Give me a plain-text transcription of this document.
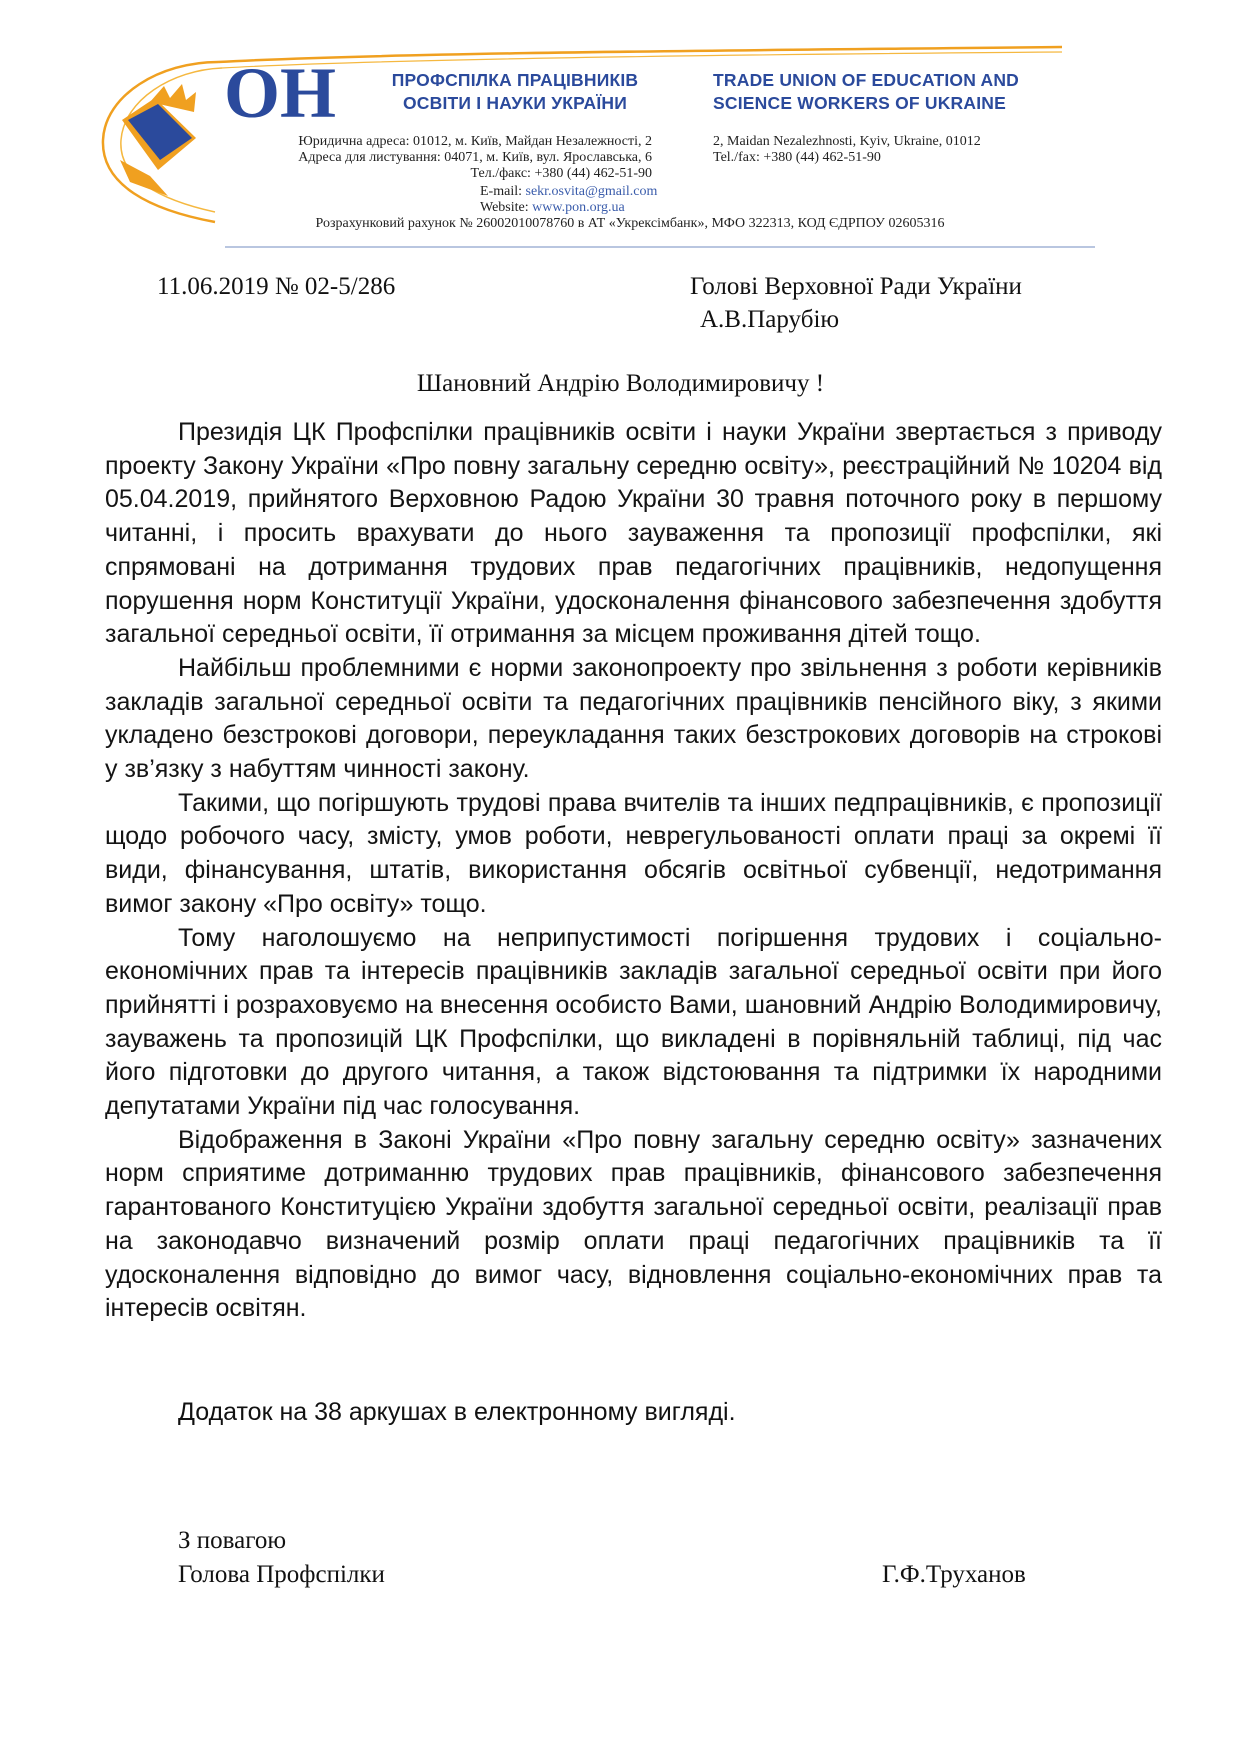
ОН	ПРОФСПІЛКА ПРАЦІВНИКІВ
ОСВІТИ І НАУКИ УКРАЇНИ
TRADE UNION OF EDUCATION AND
SCIENCE WORKERS OF UKRAINE
Юридична адреса: 01012, м. Київ, Майдан Незалежності, 2
Адреса для листування: 04071, м. Київ, вул. Ярославська, 6
Тел./факс: +380 (44) 462-51-90
2, Maidan Nezalezhnosti, Kyiv, Ukraine, 01012
Tel./fax: +380 (44) 462-51-90
E-mail: sekr.osvita@gmail.com
Website: www.pon.org.ua
Розрахунковий рахунок № 26002010078760 в АТ «Укрексімбанк», МФО 322313, КОД ЄДРПОУ 02605316
11.06.2019 № 02-5/286	Голові Верховної Ради України
А.В.Парубію
Шановний Андрію Володимировичу !

Президія ЦК Профспілки працівників освіти і науки України звертається з приводу проекту Закону України «Про повну загальну середню освіту», реєстраційний № 10204 від 05.04.2019, прийнятого Верховною Радою України 30 травня поточного року в першому читанні, і просить врахувати до нього зауваження та пропозиції профспілки, які спрямовані на дотримання трудових прав педагогічних працівників, недопущення порушення норм Конституції України, удосконалення фінансового забезпечення здобуття загальної середньої освіти, її отримання за місцем проживання дітей тощо.

Найбільш проблемними є норми законопроекту про звільнення з роботи керівників закладів загальної середньої освіти та педагогічних працівників пенсійного віку, з якими укладено безстрокові договори, переукладання таких безстрокових договорів на строкові у зв’язку з набуттям чинності закону.

Такими, що погіршують трудові права вчителів та інших педпрацівників, є пропозиції щодо робочого часу, змісту, умов роботи, неврегульованості оплати праці за окремі її види, фінансування, штатів, використання обсягів освітньої субвенції, недотримання вимог закону «Про освіту» тощо.

Тому наголошуємо на неприпустимості погіршення трудових і соціально-економічних прав та інтересів працівників закладів загальної середньої освіти при його прийнятті і розраховуємо на внесення особисто Вами, шановний Андрію Володимировичу, зауважень та пропозицій ЦК Профспілки, що викладені в порівняльній таблиці, під час його підготовки до другого читання, а також відстоювання та підтримки їх народними депутатами України під час голосування.

Відображення в Законі України «Про повну загальну середню освіту» зазначених норм сприятиме дотриманню трудових прав працівників, фінансового забезпечення гарантованого Конституцією України здобуття загальної середньої освіти, реалізації прав на законодавчо визначений розмір оплати праці педагогічних працівників та її удосконалення відповідно до вимог часу, відновлення соціально-економічних прав та інтересів освітян.

Додаток на 38 аркушах в електронному вигляді.
З повагою
Голова Профспілки	Г.Ф.Труханов
